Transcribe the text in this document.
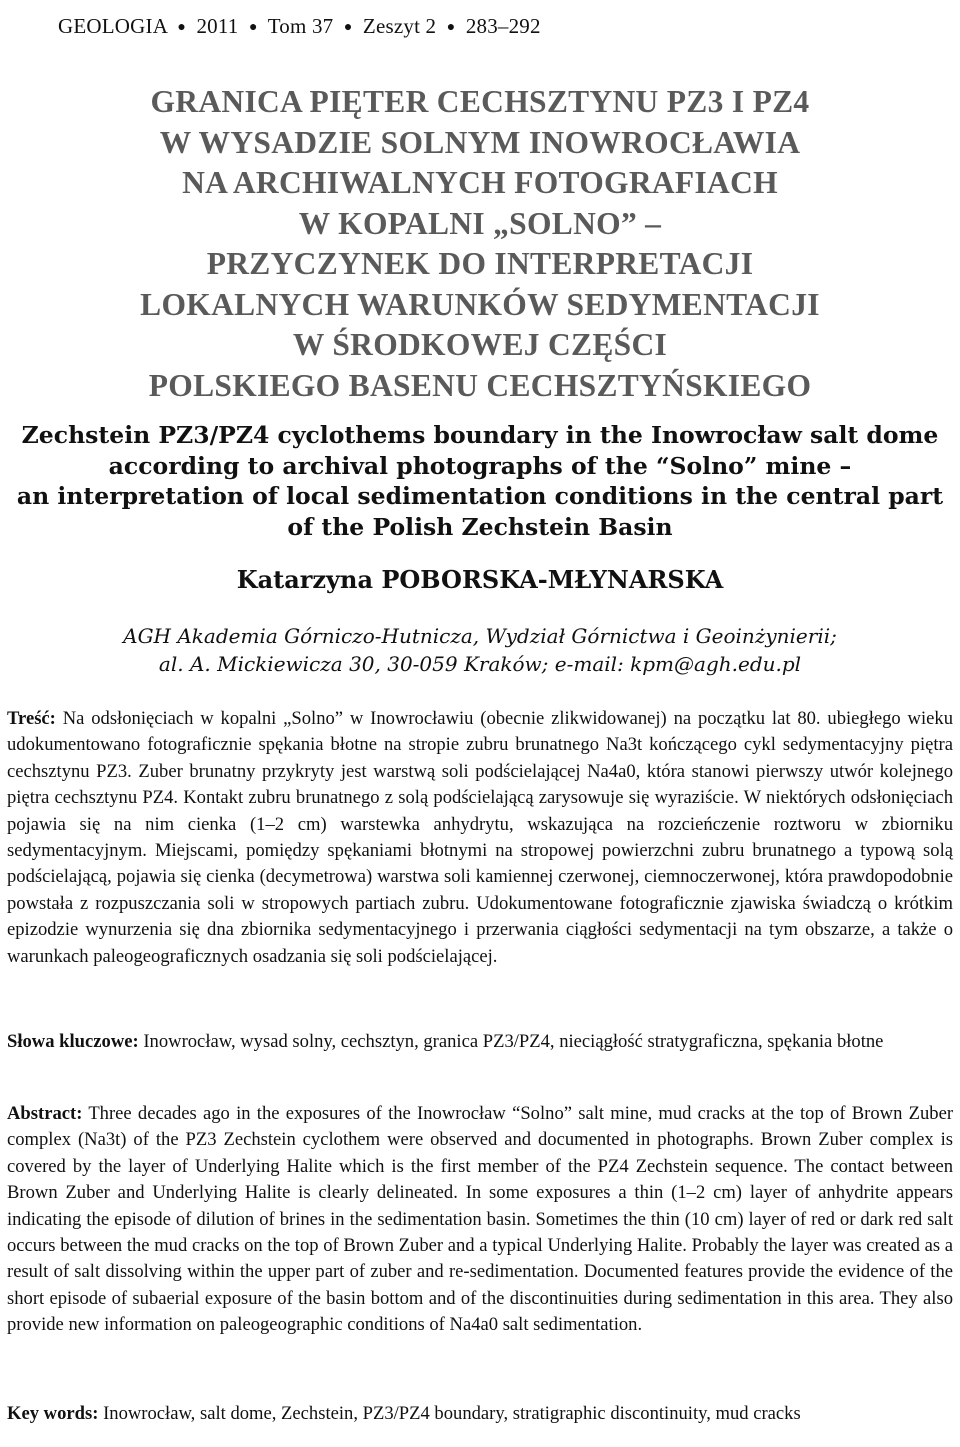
GEOLOGIA ● 2011 ● Tom 37 ● Zeszyt 2 ● 283–292
GRANICA PIĘTER CECHSZTYNU PZ3 I PZ4
W WYSADZIE SOLNYM INOWROCŁAWIA
NA ARCHIWALNYCH FOTOGRAFIACH
W KOPALNI „SOLNO” –
PRZYCZYNEK DO INTERPRETACJI
LOKALNYCH WARUNKÓW SEDYMENTACJI
W ŚRODKOWEJ CZĘŚCI
POLSKIEGO BASENU CECHSZTYŃSKIEGO
Zechstein PZ3/PZ4 cyclothems boundary in the Inowrocław salt dome
according to archival photographs of the “Solno” mine –
an interpretation of local sedimentation conditions in the central part
of the Polish Zechstein Basin
Katarzyna POBORSKA-MŁYNARSKA
AGH Akademia Górniczo-Hutnicza, Wydział Górnictwa i Geoinżynierii;
al. A. Mickiewicza 30, 30-059 Kraków; e-mail: kpm@agh.edu.pl
Treść: Na odsłonięciach w kopalni „Solno” w Inowrocławiu (obecnie zlikwidowanej) na początku lat 80. ubiegłego wieku udokumentowano fotograficznie spękania błotne na stropie zubru brunatnego Na3t kończącego cykl sedymentacyjny piętra cechsztynu PZ3. Zuber brunatny przykryty jest warstwą soli podścielającej Na4a0, która stanowi pierwszy utwór kolejnego piętra cechsztynu PZ4. Kontakt zubru brunatnego z solą podścielającą zarysowuje się wyraziście. W niektórych odsłonięciach pojawia się na nim cienka (1–2 cm) warstewka anhydrytu, wskazująca na rozcieńczenie roztworu w zbiorniku sedymentacyjnym. Miejscami, pomiędzy spękaniami błotnymi na stropowej powierzchni zubru brunatnego a typową solą podścielającą, pojawia się cienka (decymetrowa) warstwa soli kamiennej czerwonej, ciemnoczerwonej, która prawdopodobnie powstała z rozpuszczania soli w stropowych partiach zubru. Udokumentowane fotograficznie zjawiska świadczą o krótkim epizodzie wynurzenia się dna zbiornika sedymentacyjnego i przerwania ciągłości sedymentacji na tym obszarze, a także o warunkach paleogeograficznych osadzania się soli podścielającej.
Słowa kluczowe: Inowrocław, wysad solny, cechsztyn, granica PZ3/PZ4, nieciągłość stratygraficzna, spękania błotne
Abstract: Three decades ago in the exposures of the Inowrocław “Solno” salt mine, mud cracks at the top of Brown Zuber complex (Na3t) of the PZ3 Zechstein cyclothem were observed and documented in photographs. Brown Zuber complex is covered by the layer of Underlying Halite which is the first member of the PZ4 Zechstein sequence. The contact between Brown Zuber and Underlying Halite is clearly delineated. In some exposures a thin (1–2 cm) layer of anhydrite appears indicating the episode of dilution of brines in the sedimentation basin. Sometimes the thin (10 cm) layer of red or dark red salt occurs between the mud cracks on the top of Brown Zuber and a typical Underlying Halite. Probably the layer was created as a result of salt dissolving within the upper part of zuber and re-sedimentation. Documented features provide the evidence of the short episode of subaerial exposure of the basin bottom and of the discontinuities during sedimentation in this area. They also provide new information on paleogeographic conditions of Na4a0 salt sedimentation.
Key words: Inowrocław, salt dome, Zechstein, PZ3/PZ4 boundary, stratigraphic discontinuity, mud cracks
